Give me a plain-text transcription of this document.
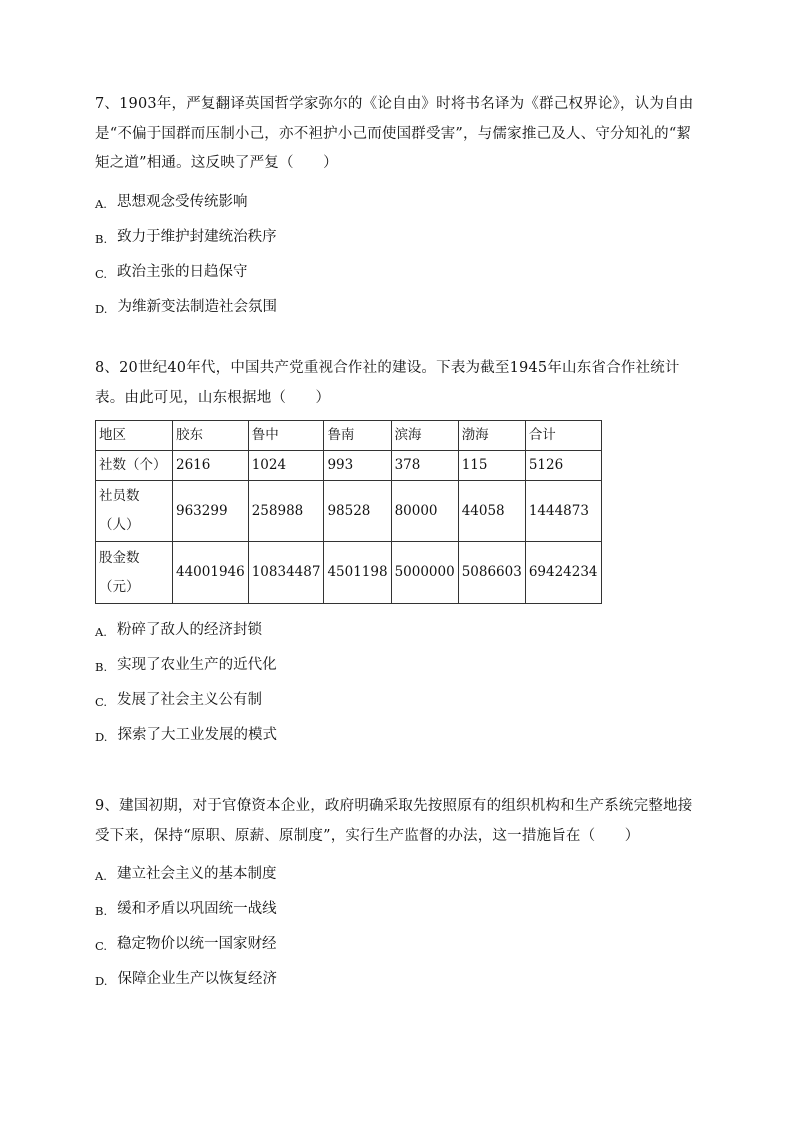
7、1903年，严复翻译英国哲学家弥尔的《论自由》时将书名译为《群己权界论》，认为自由是“不偏于国群而压制小己，亦不袒护小己而使国群受害”，与儒家推己及人、守分知礼的“絜矩之道”相通。这反映了严复（　　）

A. 思想观念受传统影响
B. 致力于维护封建统治秩序
C. 政治主张的日趋保守
D. 为维新变法制造社会氛围

8、20世纪40年代，中国共产党重视合作社的建设。下表为截至1945年山东省合作社统计表。由此可见，山东根据地（　　）

地区	胶东	鲁中	鲁南	滨海	渤海	合计
社数（个）	2616	1024	993	378	115	5126

社员数
（人）	963299	258988	98528	80000	44058	1444873

股金数
（元）	44001946	10834487	4501198	5000000	5086603	69424234
A. 粉碎了敌人的经济封锁
B. 实现了农业生产的近代化
C. 发展了社会主义公有制
D. 探索了大工业发展的模式

9、建国初期，对于官僚资本企业，政府明确采取先按照原有的组织机构和生产系统完整地接受下来，保持“原职、原薪、原制度”，实行生产监督的办法，这一措施旨在（　　）

A. 建立社会主义的基本制度
B. 缓和矛盾以巩固统一战线
C. 稳定物价以统一国家财经
D. 保障企业生产以恢复经济
